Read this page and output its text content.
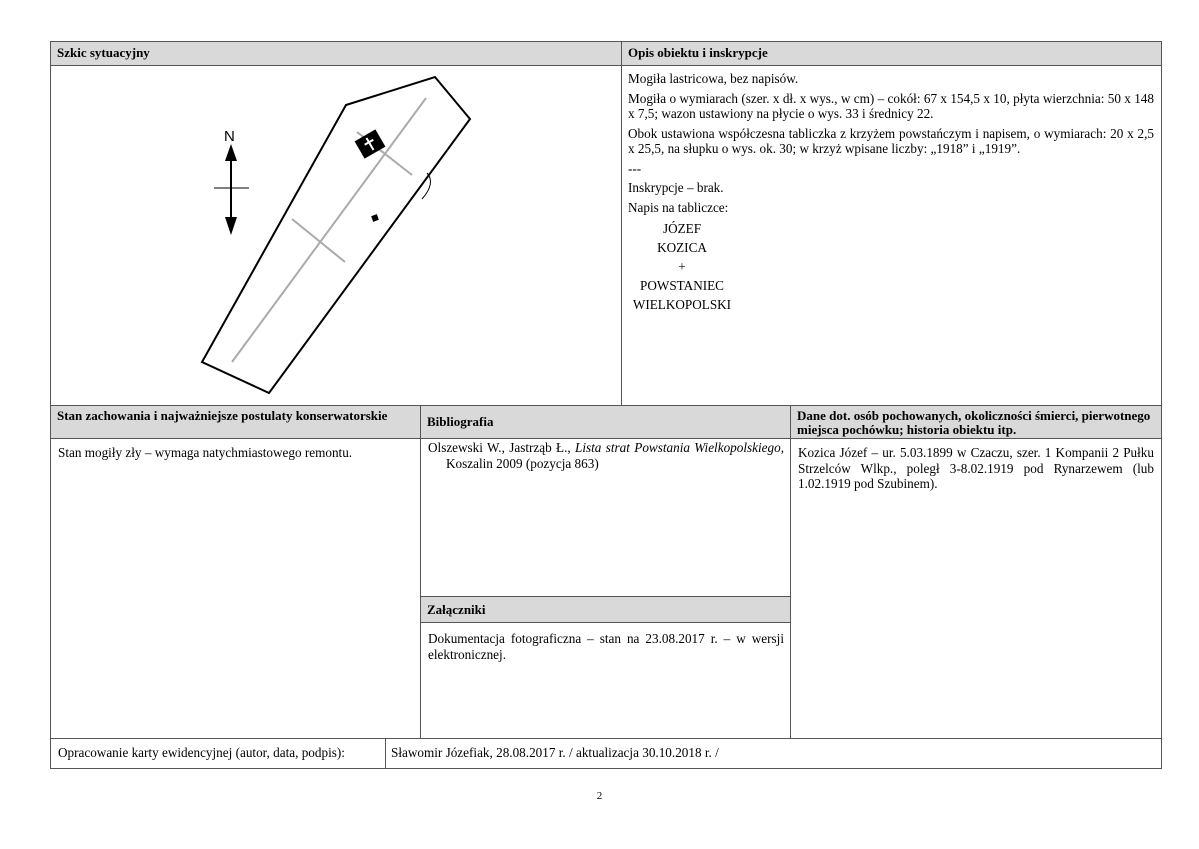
Szkic sytuacyjny	Opis obiektu i inskrypcje
N

Mogiła lastricowa, bez napisów.

Mogiła o wymiarach (szer. x dł. x wys., w cm) – cokół: 67 x 154,5 x 10, płyta wierzchnia: 50 x 148 x 7,5; wazon ustawiony na płycie o wys. 33 i średnicy 22.

Obok ustawiona współczesna tabliczka z krzyżem powstańczym i napisem, o wymiarach: 20 x 2,5 x 25,5, na słupku o wys. ok. 30; w krzyż wpisane liczby: „1918” i „1919”.

---

Inskrypcje – brak.

Napis na tabliczce:

JÓZEF
KOZICA
+
POWSTANIEC
WIELKOPOLSKI
Stan zachowania i najważniejsze postulaty konserwatorskie	Bibliografia	Dane dot. osób pochowanych, okoliczności śmierci, pierwotnego miejsca pochówku; historia obiektu itp.
Stan mogiły zły – wymaga natychmiastowego remontu.	Olszewski W., Jastrząb Ł., Lista strat Powstania Wielkopolskiego, Koszalin 2009 (pozycja 863)
Załączniki
Dokumentacja fotograficzna – stan na 23.08.2017 r. – w wersji elektronicznej.
Kozica Józef – ur. 5.03.1899 w Czaczu, szer. 1 Kompanii 2 Pułku Strzelców Wlkp., poległ 3-8.02.1919 pod Rynarzewem (lub 1.02.1919 pod Szubinem).
Opracowanie karty ewidencyjnej (autor, data, podpis):	Sławomir Józefiak, 28.08.2017 r. / aktualizacja 30.10.2018 r. /
2
